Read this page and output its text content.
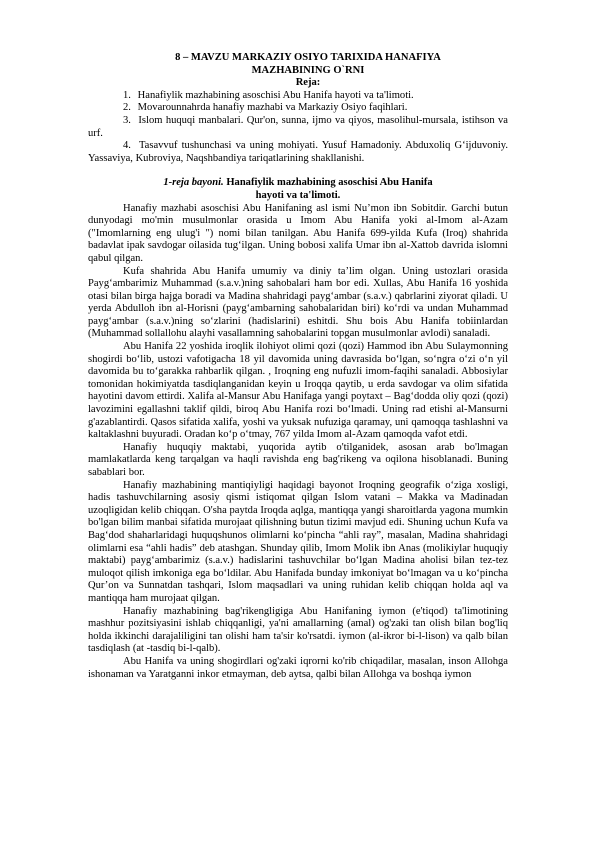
8 – MAVZU MARKAZIY OSIYO TARIXIDA HANAFIYA
MAZHABINING O`RNI
Reja:
1. Hanafiylik mazhabining asoschisi Abu Hanifa hayoti va ta'limoti.
2. Movarounnahrda hanafiy mazhabi va Markaziy Osiyo faqihlari.
3. Islom huquqi manbalari. Qur'on, sunna, ijmo va qiyos, masolihul-mursala, istihson va urf.
4. Tasavvuf tushunchasi va uning mohiyati. Yusuf Hamadoniy. Abduxoliq G‘ijduvoniy. Yassaviya, Kubroviya, Naqshbandiya tariqatlarining shakllanishi.
1-reja bayoni. Hanafiylik mazhabining asoschisi Abu Hanifa
hayoti va ta'limoti.

Hanafiy mazhabi asoschisi Abu Hanifaning asl ismi Nu’mon ibn Sobitdir. Garchi butun dunyodagi mo'min musulmonlar orasida u Imom Abu Hanifa yoki al-Imom al-Azam ("Imomlarning eng ulug'i ") nomi bilan tanilgan. Abu Hanifa 699-yilda Kufa (Iroq) shahrida badavlat ipak savdogar oilasida tug‘ilgan. Uning bobosi xalifa Umar ibn al-Xattob davrida islomni qabul qilgan.

Kufa shahrida Abu Hanifa umumiy va diniy ta’lim olgan. Uning ustozlari orasida Payg‘ambarimiz Muhammad (s.a.v.)ning sahobalari ham bor edi. Xullas, Abu Hanifa 16 yoshida otasi bilan birga hajga boradi va Madina shahridagi payg‘ambar (s.a.v.) qabrlarini ziyorat qiladi. U yerda Abdulloh ibn al-Horisni (payg‘ambarning sahobalaridan biri) ko‘rdi va undan Muhammad payg‘ambar (s.a.v.)ning so‘zlarini (hadislarini) eshitdi. Shu bois Abu Hanifa tobiinlardan (Muhammad sollallohu alayhi vasallamning sahobalarini topgan musulmonlar avlodi) sanaladi.

Abu Hanifa 22 yoshida iroqlik ilohiyot olimi qozi (qozi) Hammod ibn Abu Sulaymonning shogirdi bo‘lib, ustozi vafotigacha 18 yil davomida uning davrasida bo‘lgan, so‘ngra o‘zi o‘n yil davomida bu to‘garakka rahbarlik qilgan. , Iroqning eng nufuzli imom-faqihi sanaladi. Abbosiylar tomonidan hokimiyatda tasdiqlanganidan keyin u Iroqqa qaytib, u erda savdogar va olim sifatida hayotini davom ettirdi. Xalifa al-Mansur Abu Hanifaga yangi poytaxt – Bag‘dodda oliy qozi (qozi) lavozimini egallashni taklif qildi, biroq Abu Hanifa rozi bo‘lmadi. Uning rad etishi al-Mansurni g'azablantirdi. Qasos sifatida xalifa, yoshi va yuksak nufuziga qaramay, uni qamoqqa tashlashni va kaltaklashni buyuradi. Oradan ko‘p o‘tmay, 767 yilda Imom al-Azam qamoqda vafot etdi.

Hanafiy huquqiy maktabi, yuqorida aytib o'tilganidek, asosan arab bo'lmagan mamlakatlarda keng tarqalgan va haqli ravishda eng bag'rikeng va oqilona hisoblanadi. Buning sabablari bor.

Hanafiy mazhabining mantiqiyligi haqidagi bayonot Iroqning geografik o‘ziga xosligi, hadis tashuvchilarning asosiy qismi istiqomat qilgan Islom vatani – Makka va Madinadan uzoqligidan kelib chiqqan. O'sha paytda Iroqda aqlga, mantiqqa yangi sharoitlarda yagona mumkin bo'lgan bilim manbai sifatida murojaat qilishning butun tizimi mavjud edi. Shuning uchun Kufa va Bag‘dod shaharlaridagi huquqshunos olimlarni ko‘pincha “ahli ray”, masalan, Madina shahridagi olimlarni esa “ahli hadis” deb atashgan. Shunday qilib, Imom Molik ibn Anas (molikiylar huquqiy maktabi) payg‘ambarimiz (s.a.v.) hadislarini tashuvchilar bo‘lgan Madina aholisi bilan tez-tez muloqot qilish imkoniga ega bo‘ldilar. Abu Hanifada bunday imkoniyat bo‘lmagan va u ko‘pincha Qur’on va Sunnatdan tashqari, Islom maqsadlari va uning ruhidan kelib chiqqan holda aql va mantiqqa ham murojaat qilgan.

Hanafiy mazhabining bag'rikengligiga Abu Hanifaning iymon (e'tiqod) ta'limotining mashhur pozitsiyasini ishlab chiqqanligi, ya'ni amallarning (amal) og'zaki tan olish bilan bog'liq holda ikkinchi darajaliligini tan olishi ham ta'sir ko'rsatdi. iymon (al-ikror bi-l-lison) va qalb bilan tasdiqlash (at -tasdiq bi-l-qalb).

Abu Hanifa va uning shogirdlari og'zaki iqrorni ko'rib chiqadilar, masalan, inson Allohga ishonaman va Yaratganni inkor etmayman, deb aytsa, qalbi bilan Allohga va boshqa iymon
